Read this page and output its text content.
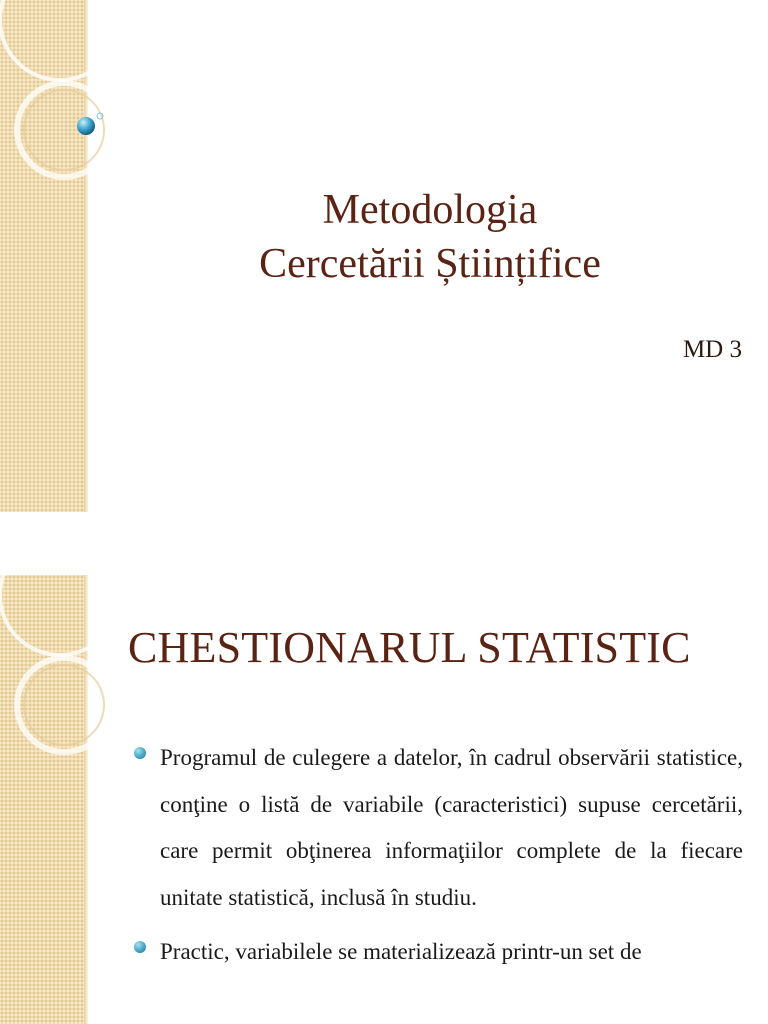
Metodologia
Cercetării Științifice
MD 3
CHESTIONARUL STATISTIC
Programul de culegere a datelor, în cadrul observării statistice, conţine o listă de variabile (caracteristici) supuse cercetării, care permit obţinerea informaţiilor complete de la fiecare unitate statistică, inclusă în studiu.
Practic, variabilele se materializează printr-un set de
